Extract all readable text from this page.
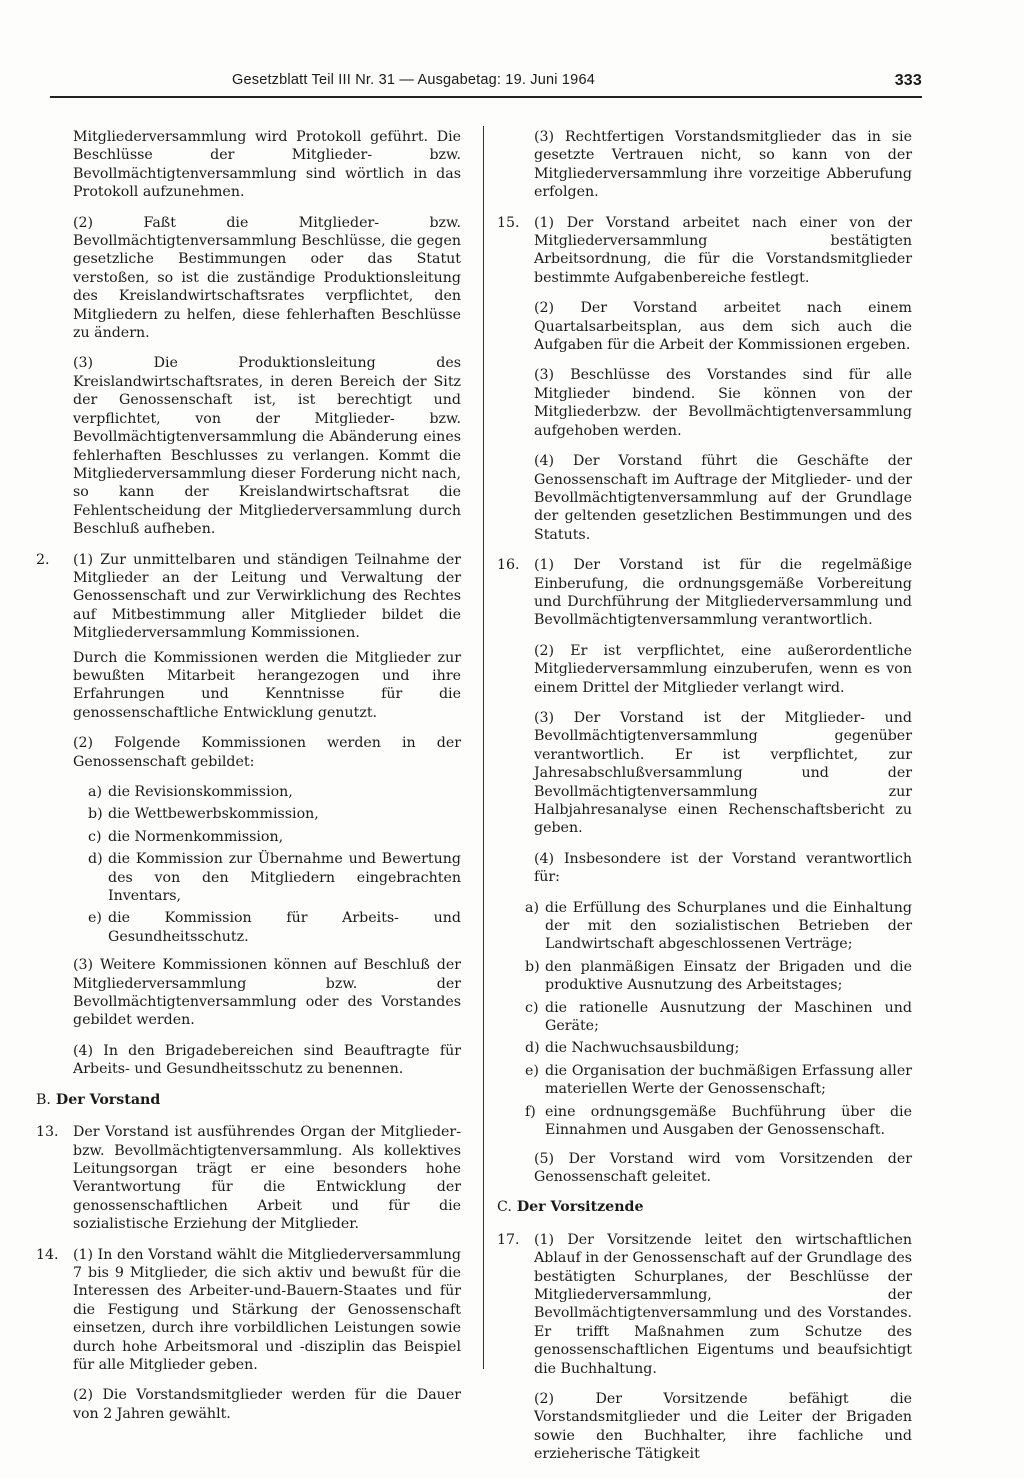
Gesetzblatt Teil III Nr. 31 — Ausgabetag: 19. Juni 1964	333

Mitgliederversammlung wird Protokoll geführt. Die Beschlüsse der Mitglieder- bzw. Bevollmächtigtenversammlung sind wörtlich in das Protokoll aufzunehmen.

(2) Faßt die Mitglieder- bzw. Bevollmächtigtenversammlung Beschlüsse, die gegen gesetzliche Bestimmungen oder das Statut verstoßen, so ist die zuständige Produktionsleitung des Kreislandwirtschaftsrates verpflichtet, den Mitgliedern zu helfen, diese fehlerhaften Beschlüsse zu ändern.

(3) Die Produktionsleitung des Kreislandwirtschaftsrates, in deren Bereich der Sitz der Genossenschaft ist, ist berechtigt und verpflichtet, von der Mitglieder- bzw. Bevollmächtigtenversammlung die Abänderung eines fehlerhaften Beschlusses zu verlangen. Kommt die Mitgliederversammlung dieser Forderung nicht nach, so kann der Kreislandwirtschaftsrat die Fehlentscheidung der Mitgliederversammlung durch Beschluß aufheben.

2. (1) Zur unmittelbaren und ständigen Teilnahme der Mitglieder an der Leitung und Verwaltung der Genossenschaft und zur Verwirklichung des Rechtes auf Mitbestimmung aller Mitglieder bildet die Mitgliederversammlung Kommissionen.

Durch die Kommissionen werden die Mitglieder zur bewußten Mitarbeit herangezogen und ihre Erfahrungen und Kenntnisse für die genossenschaftliche Entwicklung genutzt.

(2) Folgende Kommissionen werden in der Genossenschaft gebildet:

a) die Revisionskommission,
b) die Wettbewerbskommission,
c) die Normenkommission,
d) die Kommission zur Übernahme und Bewertung des von den Mitgliedern eingebrachten Inventars,
e) die Kommission für Arbeits- und Gesundheitsschutz.

(3) Weitere Kommissionen können auf Beschluß der Mitgliederversammlung bzw. der Bevollmächtigtenversammlung oder des Vorstandes gebildet werden.

(4) In den Brigadebereichen sind Beauftragte für Arbeits- und Gesundheitsschutz zu benennen.

B. Der Vorstand
13. Der Vorstand ist ausführendes Organ der Mitglieder- bzw. Bevollmächtigtenversammlung. Als kollektives Leitungsorgan trägt er eine besonders hohe Verantwortung für die Entwicklung der genossenschaftlichen Arbeit und für die sozialistische Erziehung der Mitglieder.
14. (1) In den Vorstand wählt die Mitgliederversammlung 7 bis 9 Mitglieder, die sich aktiv und bewußt für die Interessen des Arbeiter-und-Bauern-Staates und für die Festigung und Stärkung der Genossenschaft einsetzen, durch ihre vorbildlichen Leistungen sowie durch hohe Arbeitsmoral und -disziplin das Beispiel für alle Mitglieder geben.

(2) Die Vorstandsmitglieder werden für die Dauer von 2 Jahren gewählt.

(3) Rechtfertigen Vorstandsmitglieder das in sie gesetzte Vertrauen nicht, so kann von der Mitgliederversammlung ihre vorzeitige Abberufung erfolgen.

15. (1) Der Vorstand arbeitet nach einer von der Mitgliederversammlung bestätigten Arbeitsordnung, die für die Vorstandsmitglieder bestimmte Aufgabenbereiche festlegt.

(2) Der Vorstand arbeitet nach einem Quartalsarbeitsplan, aus dem sich auch die Aufgaben für die Arbeit der Kommissionen ergeben.

(3) Beschlüsse des Vorstandes sind für alle Mitglieder bindend. Sie können von der Mitgliederbzw. der Bevollmächtigtenversammlung aufgehoben werden.

(4) Der Vorstand führt die Geschäfte der Genossenschaft im Auftrage der Mitglieder- und der Bevollmächtigtenversammlung auf der Grundlage der geltenden gesetzlichen Bestimmungen und des Statuts.

16. (1) Der Vorstand ist für die regelmäßige Einberufung, die ordnungsgemäße Vorbereitung und Durchführung der Mitgliederversammlung und Bevollmächtigtenversammlung verantwortlich.

(2) Er ist verpflichtet, eine außerordentliche Mitgliederversammlung einzuberufen, wenn es von einem Drittel der Mitglieder verlangt wird.

(3) Der Vorstand ist der Mitglieder- und Bevollmächtigtenversammlung gegenüber verantwortlich. Er ist verpflichtet, zur Jahresabschlußversammlung und der Bevollmächtigtenversammlung zur Halbjahresanalyse einen Rechenschaftsbericht zu geben.

(4) Insbesondere ist der Vorstand verantwortlich für:

a) die Erfüllung des Schurplanes und die Einhaltung der mit den sozialistischen Betrieben der Landwirtschaft abgeschlossenen Verträge;
b) den planmäßigen Einsatz der Brigaden und die produktive Ausnutzung des Arbeitstages;
c) die rationelle Ausnutzung der Maschinen und Geräte;
d) die Nachwuchsausbildung;
e) die Organisation der buchmäßigen Erfassung aller materiellen Werte der Genossenschaft;
f) eine ordnungsgemäße Buchführung über die Einnahmen und Ausgaben der Genossenschaft.

(5) Der Vorstand wird vom Vorsitzenden der Genossenschaft geleitet.

C. Der Vorsitzende
17. (1) Der Vorsitzende leitet den wirtschaftlichen Ablauf in der Genossenschaft auf der Grundlage des bestätigten Schurplanes, der Beschlüsse der Mitgliederversammlung, der Bevollmächtigtenversammlung und des Vorstandes. Er trifft Maßnahmen zum Schutze des genossenschaftlichen Eigentums und beaufsichtigt die Buchhaltung.

(2) Der Vorsitzende befähigt die Vorstandsmitglieder und die Leiter der Brigaden sowie den Buchhalter, ihre fachliche und erzieherische Tätigkeit
